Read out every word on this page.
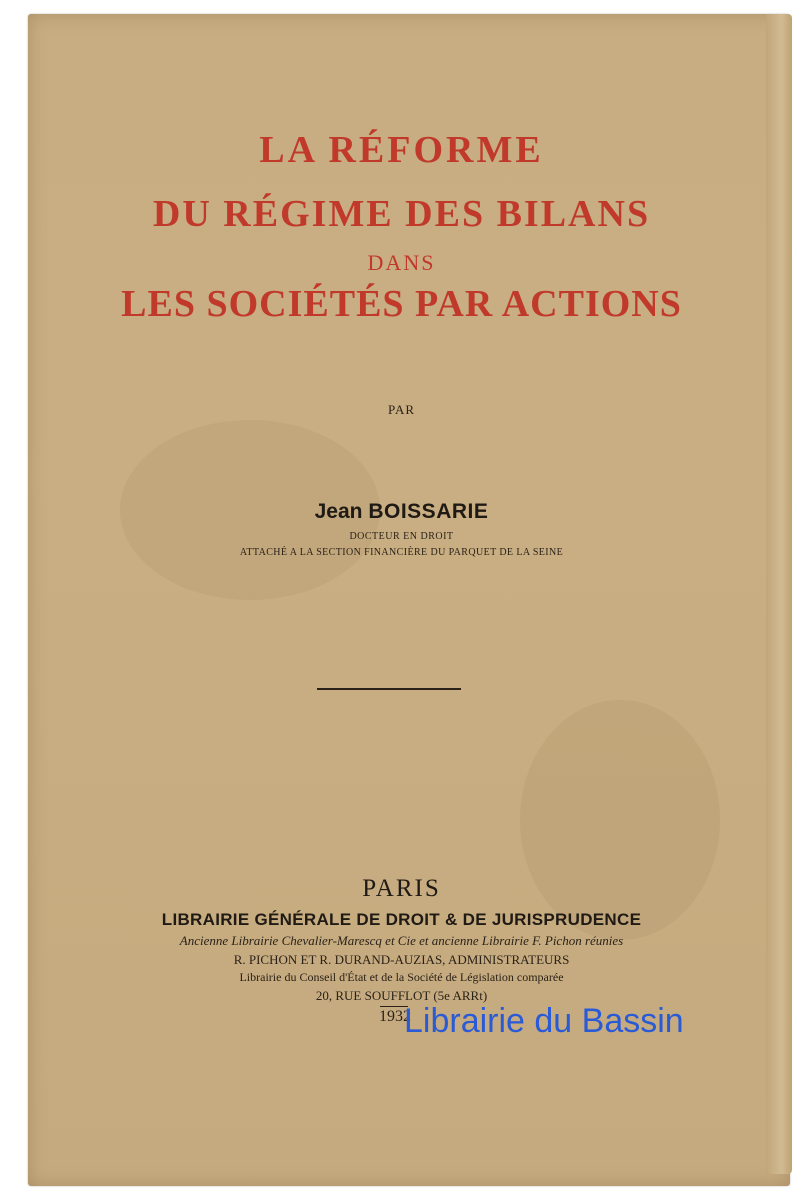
LA RÉFORME
DU RÉGIME DES BILANS
DANS
LES SOCIÉTÉS PAR ACTIONS
PAR
Jean BOISSARIE
DOCTEUR EN DROIT
ATTACHÉ A LA SECTION FINANCIÈRE DU PARQUET DE LA SEINE
PARIS
LIBRAIRIE GÉNÉRALE DE DROIT & DE JURISPRUDENCE
Ancienne Librairie Chevalier-Marescq et Cie et ancienne Librairie F. Pichon réunies
R. PICHON ET R. DURAND-AUZIAS, ADMINISTRATEURS
Librairie du Conseil d'État et de la Société de Législation comparée
20, RUE SOUFFLOT (5e ARRt)
1932
Librairie du Bassin
